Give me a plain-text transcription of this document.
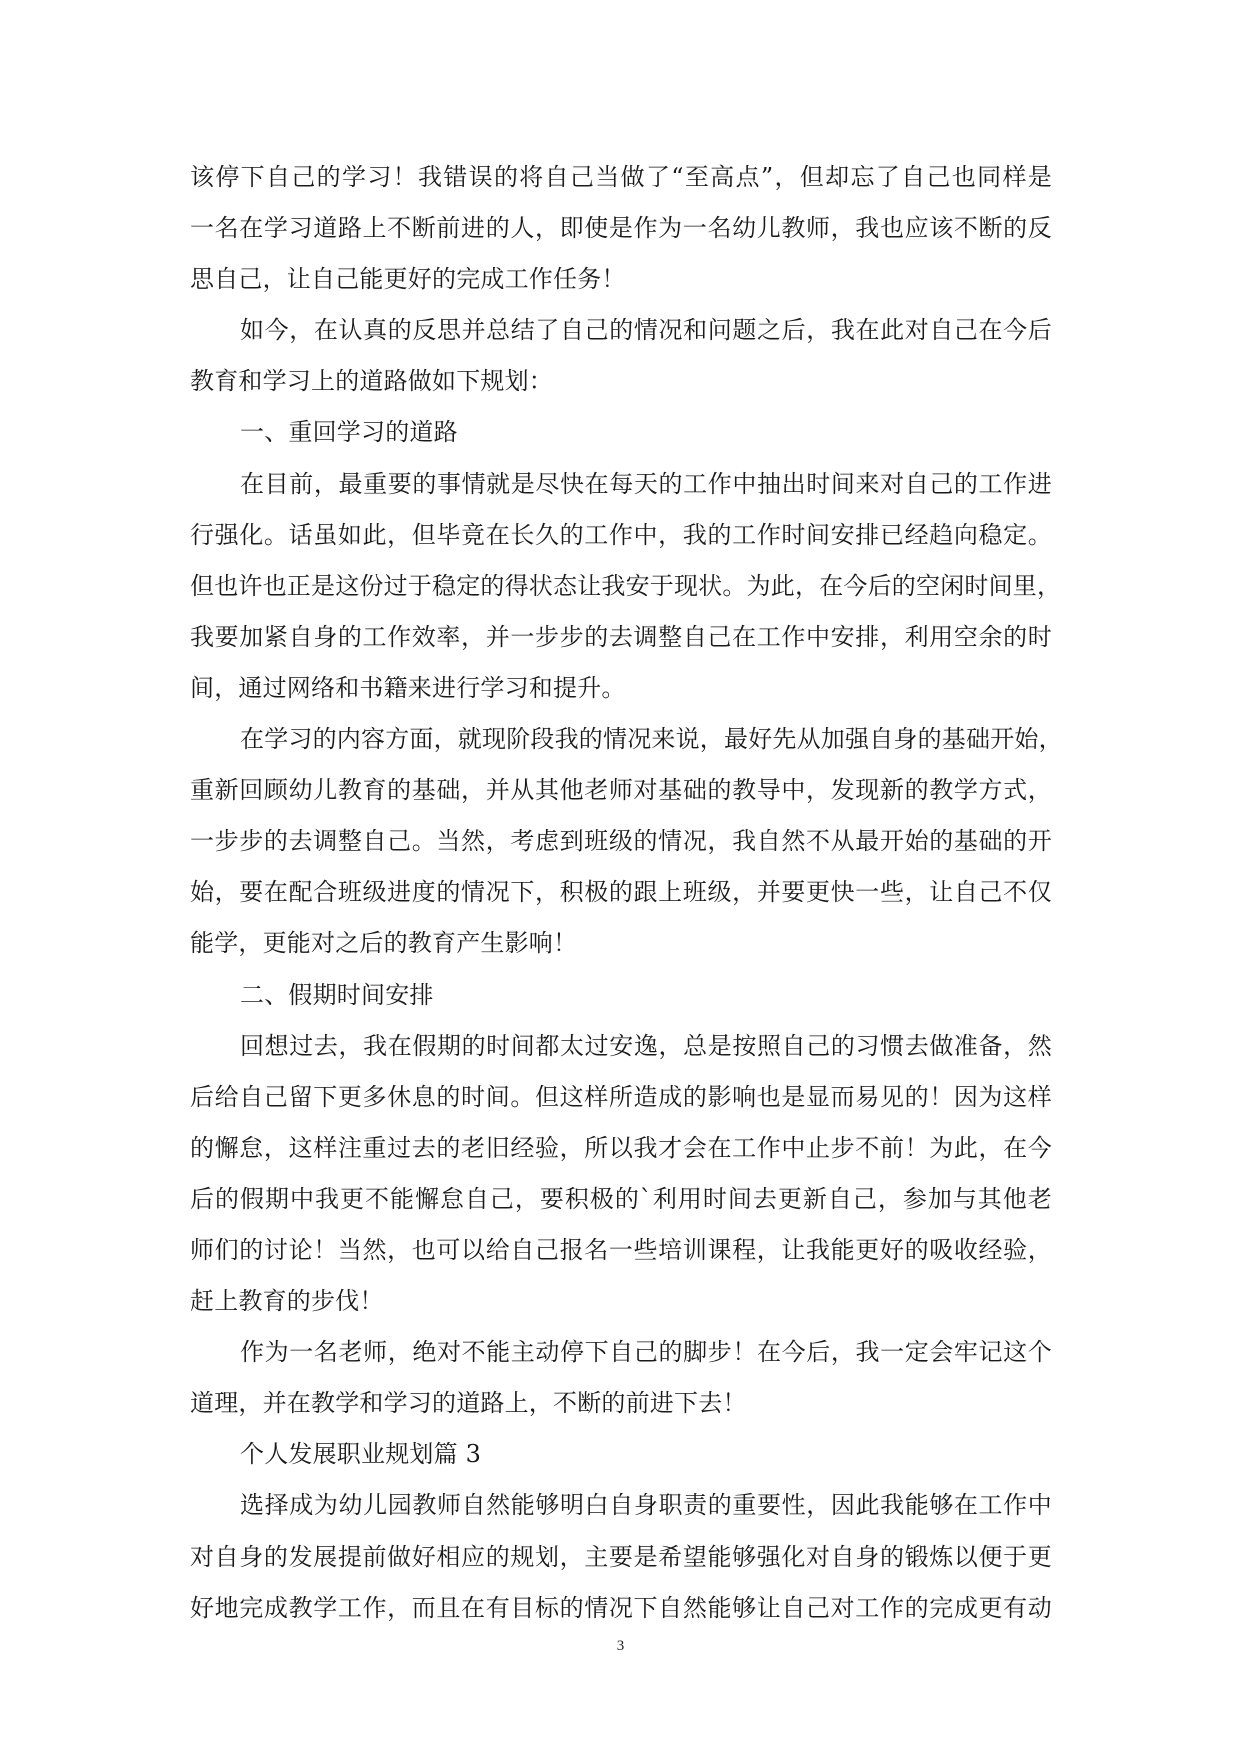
该停下自己的学习！我错误的将自己当做了“至高点”，但却忘了自己也同样是
一名在学习道路上不断前进的人，即使是作为一名幼儿教师，我也应该不断的反
思自己，让自己能更好的完成工作任务！
如今，在认真的反思并总结了自己的情况和问题之后，我在此对自己在今后
教育和学习上的道路做如下规划：
一、重回学习的道路
在目前，最重要的事情就是尽快在每天的工作中抽出时间来对自己的工作进
行强化。话虽如此，但毕竟在长久的工作中，我的工作时间安排已经趋向稳定。
但也许也正是这份过于稳定的得状态让我安于现状。为此，在今后的空闲时间里，
我要加紧自身的工作效率，并一步步的去调整自己在工作中安排，利用空余的时
间，通过网络和书籍来进行学习和提升。
在学习的内容方面，就现阶段我的情况来说，最好先从加强自身的基础开始，
重新回顾幼儿教育的基础，并从其他老师对基础的教导中，发现新的教学方式，
一步步的去调整自己。当然，考虑到班级的情况，我自然不从最开始的基础的开
始，要在配合班级进度的情况下，积极的跟上班级，并要更快一些，让自己不仅
能学，更能对之后的教育产生影响！
二、假期时间安排
回想过去，我在假期的时间都太过安逸，总是按照自己的习惯去做准备，然
后给自己留下更多休息的时间。但这样所造成的影响也是显而易见的！因为这样
的懈怠，这样注重过去的老旧经验，所以我才会在工作中止步不前！为此，在今
后的假期中我更不能懈怠自己，要积极的`利用时间去更新自己，参加与其他老
师们的讨论！当然，也可以给自己报名一些培训课程，让我能更好的吸收经验，
赶上教育的步伐！
作为一名老师，绝对不能主动停下自己的脚步！在今后，我一定会牢记这个
道理，并在教学和学习的道路上，不断的前进下去！
个人发展职业规划篇 3
选择成为幼儿园教师自然能够明白自身职责的重要性，因此我能够在工作中
对自身的发展提前做好相应的规划，主要是希望能够强化对自身的锻炼以便于更
好地完成教学工作，而且在有目标的情况下自然能够让自己对工作的完成更有动
3
